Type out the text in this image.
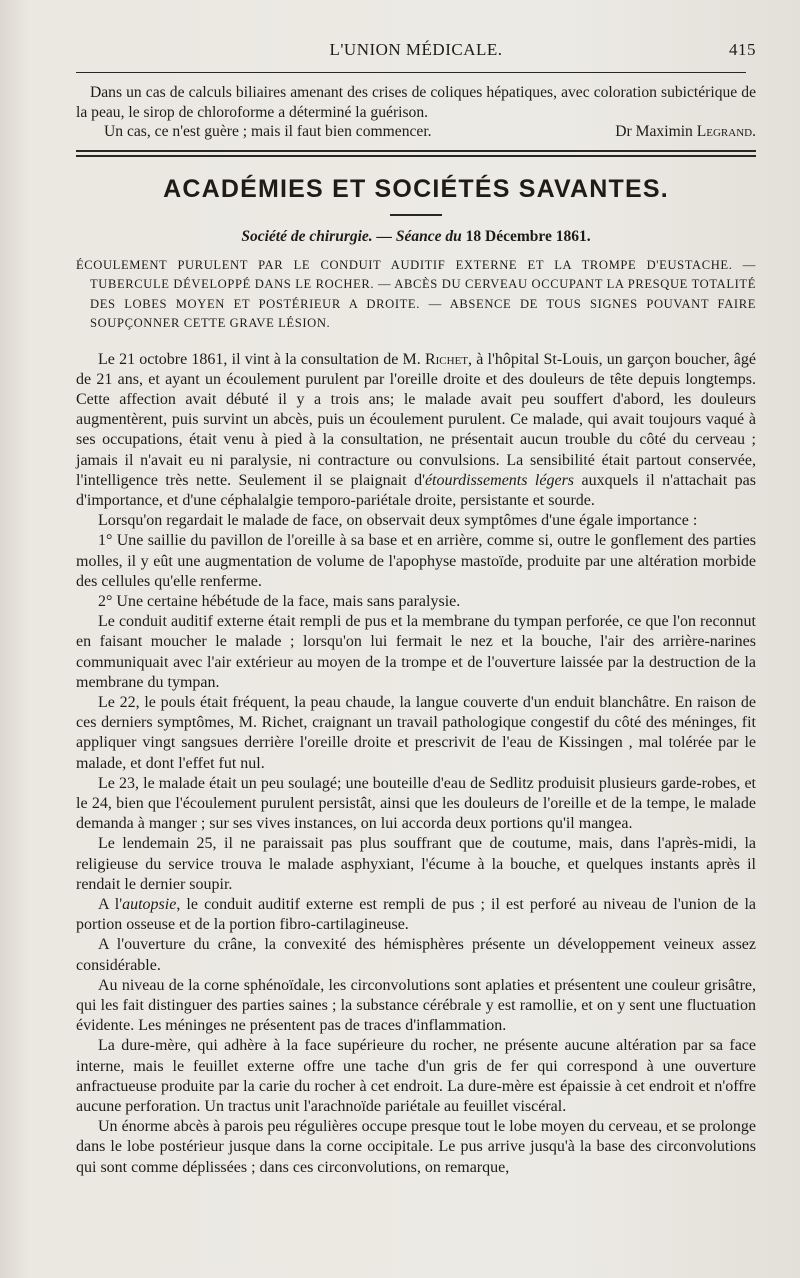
L'UNION MÉDICALE.	415

Dans un cas de calculs biliaires amenant des crises de coliques hépatiques, avec coloration subictérique de la peau, le sirop de chloroforme a déterminé la guérison.

Un cas, ce n'est guère ; mais il faut bien commencer.	Dr Maximin Legrand.
ACADÉMIES ET SOCIÉTÉS SAVANTES.
Société de chirurgie. — Séance du 18 Décembre 1861.

ÉCOULEMENT PURULENT PAR LE CONDUIT AUDITIF EXTERNE ET LA TROMPE D'EUSTACHE. — TUBERCULE DÉVELOPPÉ DANS LE ROCHER. — ABCÈS DU CERVEAU OCCUPANT LA PRESQUE TOTALITÉ DES LOBES MOYEN ET POSTÉRIEUR A DROITE. — ABSENCE DE TOUS SIGNES POUVANT FAIRE SOUPÇONNER CETTE GRAVE LÉSION.

Le 21 octobre 1861, il vint à la consultation de M. Richet, à l'hôpital St-Louis, un garçon boucher, âgé de 21 ans, et ayant un écoulement purulent par l'oreille droite et des douleurs de tête depuis longtemps. Cette affection avait débuté il y a trois ans; le malade avait peu souffert d'abord, les douleurs augmentèrent, puis survint un abcès, puis un écoulement purulent. Ce malade, qui avait toujours vaqué à ses occupations, était venu à pied à la consultation, ne présentait aucun trouble du côté du cerveau ; jamais il n'avait eu ni paralysie, ni contracture ou convulsions. La sensibilité était partout conservée, l'intelligence très nette. Seulement il se plaignait d'étourdissements légers auxquels il n'attachait pas d'importance, et d'une céphalalgie temporo-pariétale droite, persistante et sourde.

Lorsqu'on regardait le malade de face, on observait deux symptômes d'une égale importance :

1° Une saillie du pavillon de l'oreille à sa base et en arrière, comme si, outre le gonflement des parties molles, il y eût une augmentation de volume de l'apophyse mastoïde, produite par une altération morbide des cellules qu'elle renferme.

2° Une certaine hébétude de la face, mais sans paralysie.

Le conduit auditif externe était rempli de pus et la membrane du tympan perforée, ce que l'on reconnut en faisant moucher le malade ; lorsqu'on lui fermait le nez et la bouche, l'air des arrière-narines communiquait avec l'air extérieur au moyen de la trompe et de l'ouverture laissée par la destruction de la membrane du tympan.

Le 22, le pouls était fréquent, la peau chaude, la langue couverte d'un enduit blanchâtre. En raison de ces derniers symptômes, M. Richet, craignant un travail pathologique congestif du côté des méninges, fit appliquer vingt sangsues derrière l'oreille droite et prescrivit de l'eau de Kissingen , mal tolérée par le malade, et dont l'effet fut nul.

Le 23, le malade était un peu soulagé; une bouteille d'eau de Sedlitz produisit plusieurs garde-robes, et le 24, bien que l'écoulement purulent persistât, ainsi que les douleurs de l'oreille et de la tempe, le malade demanda à manger ; sur ses vives instances, on lui accorda deux portions qu'il mangea.

Le lendemain 25, il ne paraissait pas plus souffrant que de coutume, mais, dans l'après-midi, la religieuse du service trouva le malade asphyxiant, l'écume à la bouche, et quelques instants après il rendait le dernier soupir.

A l'autopsie, le conduit auditif externe est rempli de pus ; il est perforé au niveau de l'union de la portion osseuse et de la portion fibro-cartilagineuse.

A l'ouverture du crâne, la convexité des hémisphères présente un développement veineux assez considérable.

Au niveau de la corne sphénoïdale, les circonvolutions sont aplaties et présentent une couleur grisâtre, qui les fait distinguer des parties saines ; la substance cérébrale y est ramollie, et on y sent une fluctuation évidente. Les méninges ne présentent pas de traces d'inflammation.

La dure-mère, qui adhère à la face supérieure du rocher, ne présente aucune altération par sa face interne, mais le feuillet externe offre une tache d'un gris de fer qui correspond à une ouverture anfractueuse produite par la carie du rocher à cet endroit. La dure-mère est épaissie à cet endroit et n'offre aucune perforation. Un tractus unit l'arachnoïde pariétale au feuillet viscéral.

Un énorme abcès à parois peu régulières occupe presque tout le lobe moyen du cerveau, et se prolonge dans le lobe postérieur jusque dans la corne occipitale. Le pus arrive jusqu'à la base des circonvolutions qui sont comme déplissées ; dans ces circonvolutions, on remarque,
